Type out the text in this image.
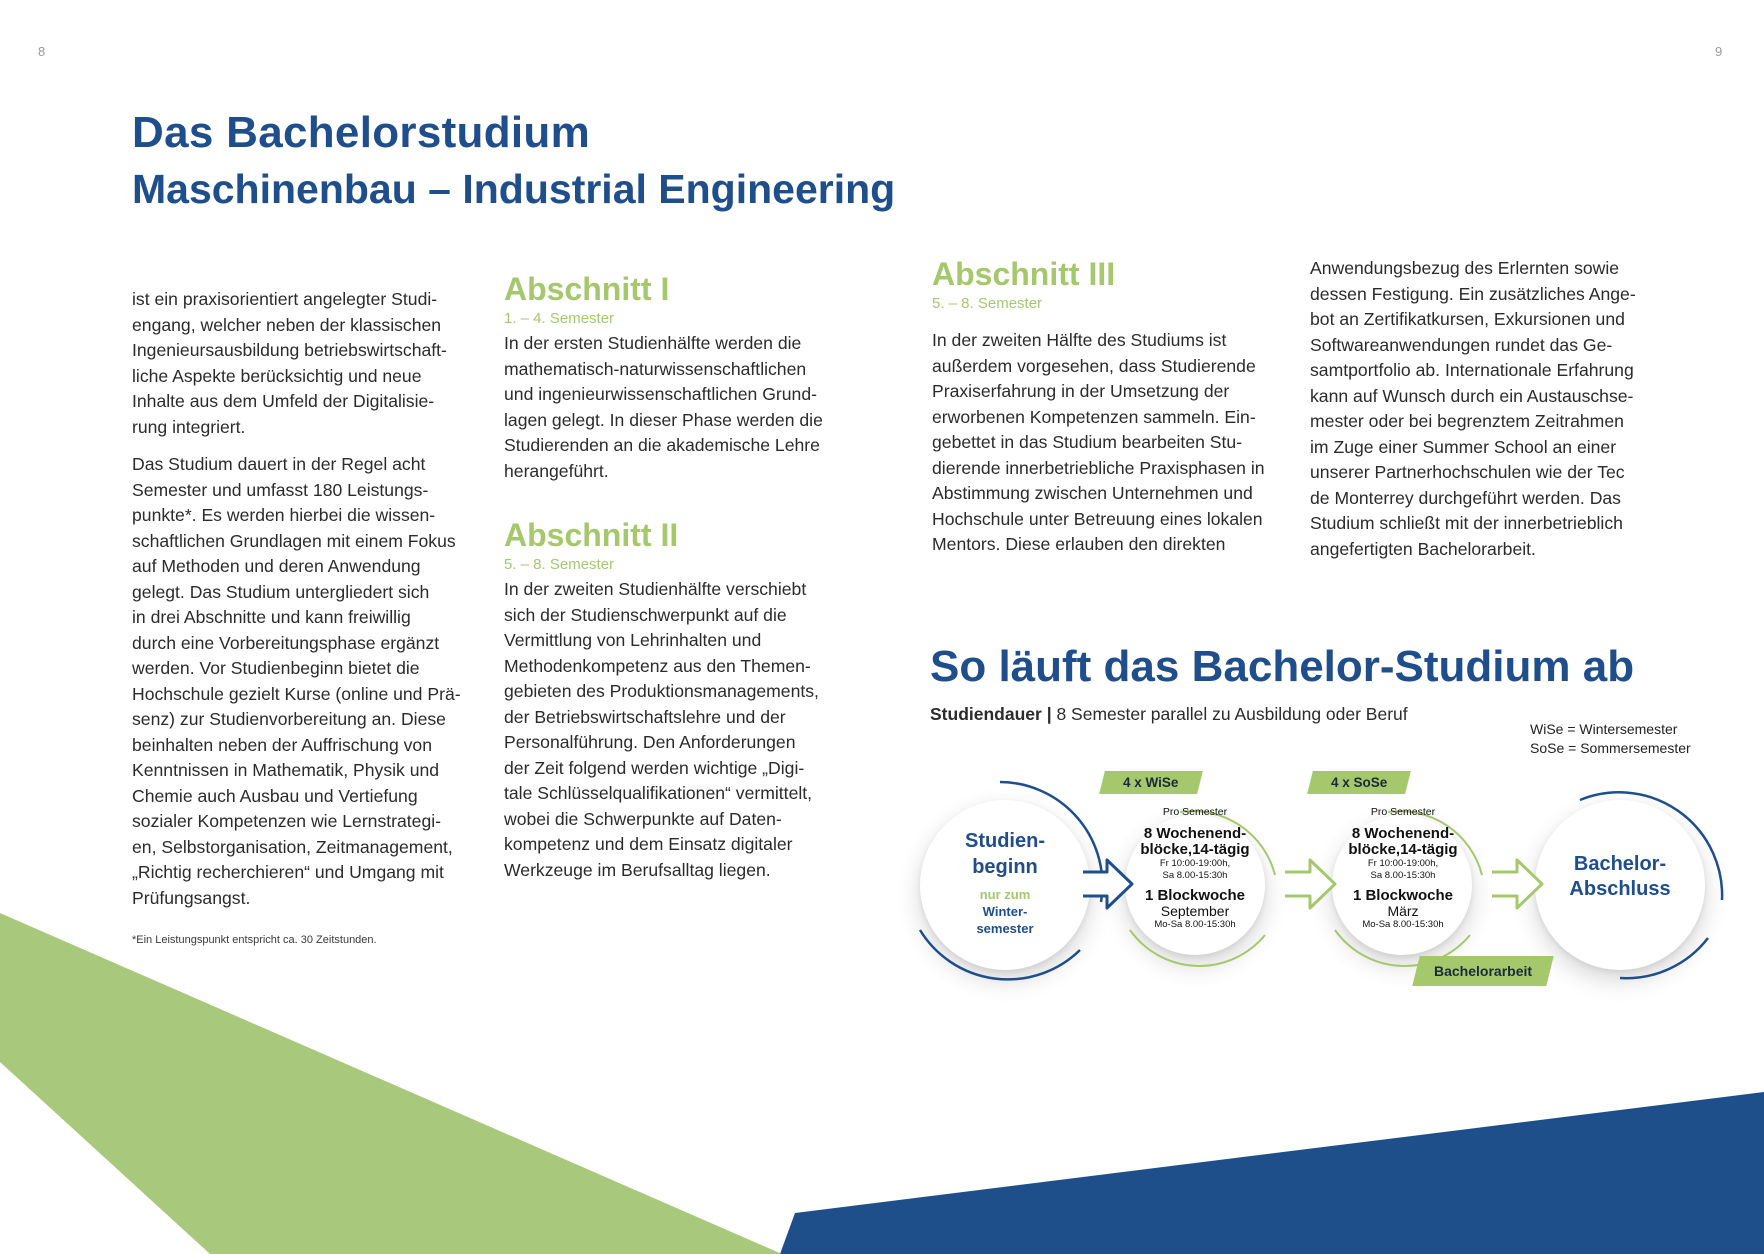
8	9
Das Bachelorstudium
Maschinenbau – Industrial Engineering

ist ein praxisorientiert angelegter Studi-
engang, welcher neben der klassischen
Ingenieursausbildung betriebswirtschaft-
liche Aspekte berücksichtig und neue
Inhalte aus dem Umfeld der Digitalisie-
rung integriert.

Das Studium dauert in der Regel acht
Semester und umfasst 180 Leistungs-
punkte*. Es werden hierbei die wissen-
schaftlichen Grundlagen mit einem Fokus
auf Methoden und deren Anwendung
gelegt. Das Studium untergliedert sich
in drei Abschnitte und kann freiwillig
durch eine Vorbereitungsphase ergänzt
werden. Vor Studienbeginn bietet die
Hochschule gezielt Kurse (online und Prä-
senz) zur Studienvorbereitung an. Diese
beinhalten neben der Auffrischung von
Kenntnissen in Mathematik, Physik und
Chemie auch Ausbau und Vertiefung
sozialer Kompetenzen wie Lernstrategi-
en, Selbstorganisation, Zeitmanagement,
„Richtig recherchieren“ und Umgang mit
Prüfungsangst.

*Ein Leistungspunkt entspricht ca. 30 Zeitstunden.
Abschnitt I
1. – 4. Semester
In der ersten Studienhälfte werden die
mathematisch-naturwissenschaftlichen
und ingenieurwissenschaftlichen Grund-
lagen gelegt. In dieser Phase werden die
Studierenden an die akademische Lehre
herangeführt.
Abschnitt II
5. – 8. Semester
In der zweiten Studienhälfte verschiebt
sich der Studienschwerpunkt auf die
Vermittlung von Lehrinhalten und
Methodenkompetenz aus den Themen-
gebieten des Produktionsmanagements,
der Betriebswirtschaftslehre und der
Personalführung. Den Anforderungen
der Zeit folgend werden wichtige „Digi-
tale Schlüsselqualifikationen“ vermittelt,
wobei die Schwerpunkte auf Daten-
kompetenz und dem Einsatz digitaler
Werkzeuge im Berufsalltag liegen.
Abschnitt III
5. – 8. Semester
In der zweiten Hälfte des Studiums ist
außerdem vorgesehen, dass Studierende
Praxiserfahrung in der Umsetzung der
erworbenen Kompetenzen sammeln. Ein-
gebettet in das Studium bearbeiten Stu-
dierende innerbetriebliche Praxisphasen in
Abstimmung zwischen Unternehmen und
Hochschule unter Betreuung eines lokalen
Mentors. Diese erlauben den direkten
Anwendungsbezug des Erlernten sowie
dessen Festigung. Ein zusätzliches Ange-
bot an Zertifikatkursen, Exkursionen und
Softwareanwendungen rundet das Ge-
samtportfolio ab. Internationale Erfahrung
kann auf Wunsch durch ein Austauschse-
mester oder bei begrenztem Zeitrahmen
im Zuge einer Summer School an einer
unserer Partnerhochschulen wie der Tec
de Monterrey durchgeführt werden. Das
Studium schließt mit der innerbetrieblich
angefertigten Bachelorarbeit.
So läuft das Bachelor-Studium ab
Studiendauer | 8 Semester parallel zu Ausbildung oder Beruf
WiSe = Wintersemester
SoSe = Sommersemester
Studien-
beginn
nur zum
Winter-
semester
4 x WiSe
Pro Semester
8 Wochenend-
blöcke,14-tägig
Fr 10:00-19:00h,
Sa 8.00-15:30h
1 Blockwoche
September
Mo-Sa 8.00-15:30h
4 x SoSe
Pro Semester
8 Wochenend-
blöcke,14-tägig
Fr 10:00-19:00h,
Sa 8.00-15:30h
1 Blockwoche
März
Mo-Sa 8.00-15:30h
Bachelorarbeit
Bachelor-
Abschluss
